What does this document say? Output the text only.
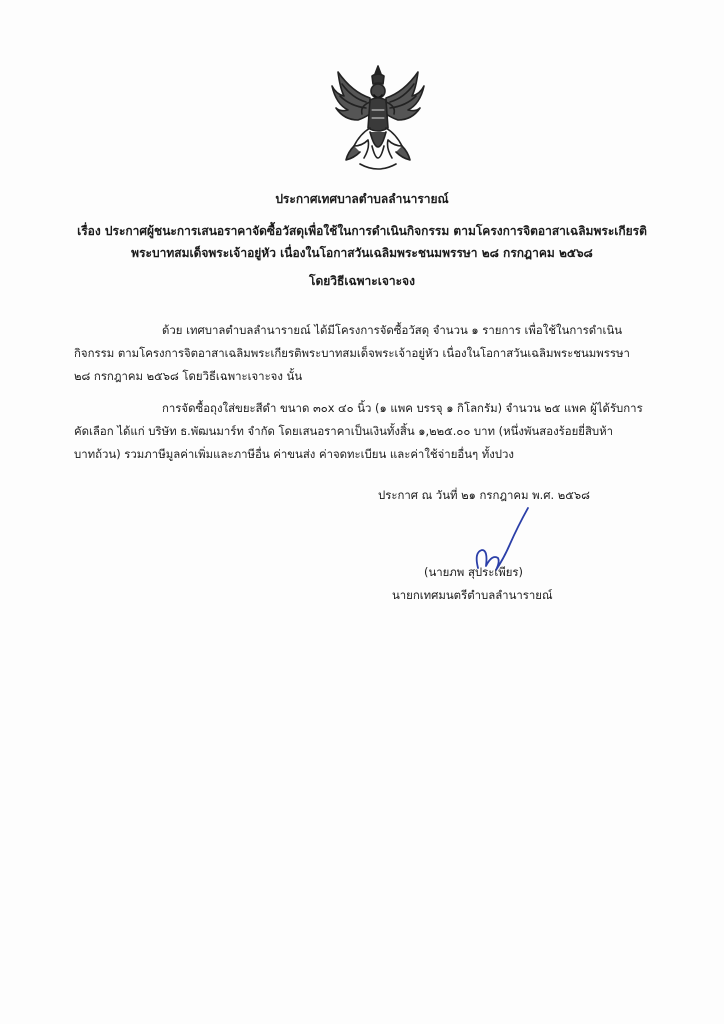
ประกาศเทศบาลตำบลลำนารายณ์
เรื่อง ประกาศผู้ชนะการเสนอราคาจัดซื้อวัสดุเพื่อใช้ในการดำเนินกิจกรรม ตามโครงการจิตอาสาเฉลิมพระเกียรติ
พระบาทสมเด็จพระเจ้าอยู่หัว เนื่องในโอกาสวันเฉลิมพระชนมพรรษา ๒๘ กรกฎาคม ๒๕๖๘
โดยวิธีเฉพาะเจาะจง
ด้วย เทศบาลตำบลลำนารายณ์ ได้มีโครงการจัดซื้อวัสดุ จำนวน ๑ รายการ เพื่อใช้ในการดำเนิน
กิจกรรม ตามโครงการจิตอาสาเฉลิมพระเกียรติพระบาทสมเด็จพระเจ้าอยู่หัว เนื่องในโอกาสวันเฉลิมพระชนมพรรษา
๒๘ กรกฎาคม ๒๕๖๘ โดยวิธีเฉพาะเจาะจง นั้น
การจัดซื้อถุงใส่ขยะสีดำ ขนาด ๓๐x ๔๐ นิ้ว (๑ แพค บรรจุ ๑ กิโลกรัม) จำนวน ๒๕ แพค ผู้ได้รับการ
คัดเลือก ได้แก่ บริษัท ธ.พัฒนมาร์ท จำกัด โดยเสนอราคาเป็นเงินทั้งสิ้น ๑,๒๒๕.๐๐ บาท (หนึ่งพันสองร้อยยี่สิบห้า
บาทถ้วน) รวมภาษีมูลค่าเพิ่มและภาษีอื่น ค่าขนส่ง ค่าจดทะเบียน และค่าใช้จ่ายอื่นๆ ทั้งปวง
ประกาศ ณ วันที่ ๒๑ กรกฎาคม พ.ศ. ๒๕๖๘
(นายภพ สุประเพียร)
นายกเทศมนตรีตำบลลำนารายณ์
